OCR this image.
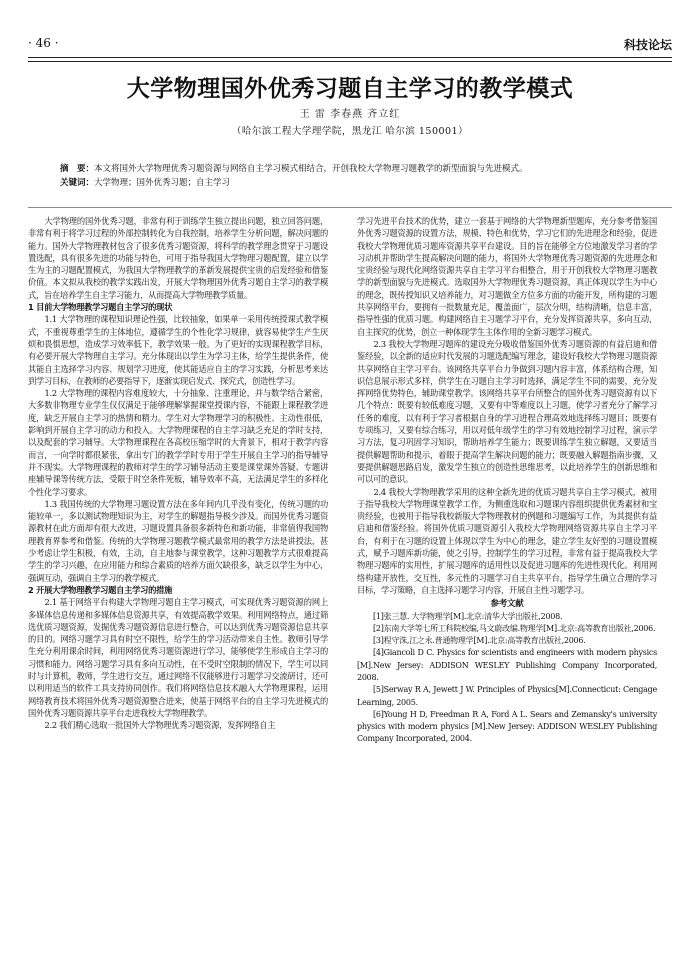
· 46 ·	科技论坛
大学物理国外优秀习题自主学习的教学模式
王 雷 李春燕 齐立红
（哈尔滨工程大学理学院，黑龙江 哈尔滨 150001）
摘　要：本文将国外大学物理优秀习题资源与网络自主学习模式相结合，开创我校大学物理习题教学的新型面貌与先进模式。
关键词：大学物理；国外优秀习题；自主学习

大学物理的国外优秀习题，非常有利于训练学生独立提出问题，独立回答问题，非常有利于将学习过程的外部控制转化为自我控制，培养学生分析问题，解决问题的能力。国外大学物理教材包含了很多优秀习题资源，将科学的教学理念贯穿于习题设置选配，具有很多先进的功能与特色，可用于指导我国大学物理习题配置，建立以学生为主的习题配置模式，为我国大学物理教学的革新发展提供宝贵的启发经验和借鉴价值。本文拟从我校的教学实践出发，开展大学物理国外优秀习题自主学习的教学模式，旨在培养学生自主学习能力，从而提高大学物理教学质量。

1 目前大学物理教学习题自主学习的现状

1.1 大学物理的课程知识理论性强，比较抽象，如果单一采用传统授课式教学模式，不重视尊重学生的主体地位，遵循学生的个性化学习规律，就容易使学生产生厌烦和畏惧思想，造成学习效率低下，教学效果一般。为了更好的实现课程教学目标，有必要开展大学物理自主学习。充分体现出以学生为学习主体，给学生提供条件，使其能自主选择学习内容、规划学习进度，使其能适应自主的学习实践，分析思考来达到学习目标，在教师的必要指导下，逐渐实现启发式、探究式，创造性学习。

1.2 大学物理的课程内容难度较大，十分抽象、注重理论，并与数学结合紧密，大多数非物理专业学生仅仅满足于能够理解掌握课堂授课内容，不能跟上课程教学进度，缺乏开展自主学习的热情和精力。学生对大学物理学习的积极性、主动性很低，影响到开展自主学习的动力和投入。大学物理课程的自主学习缺乏充足的学时支持，以及配套的学习辅导。大学物理课程在各高校压缩学时的大背景下，相对于教学内容而言，一向学时都很紧张，拿出专门的教学学时专用于学生开展自主学习的指导辅导并不现实。大学物理课程的教师对学生的学习辅导活动主要是课堂课外答疑、专题讲座辅导课等传统方法，受限于时空条件死板，辅导效率不高，无法满足学生的多样化个性化学习要求。

1.3 我国传统的大学物理习题设置方法在多年间内几乎没有变化，传统习题的功能较单一，多以测试物理知识为主，对学生的解题指导极少涉及。而国外优秀习题资源教材在此方面却有很大改进，习题设置具备很多新特色和新功能，非常值得我国物理教育界参考和借鉴。传统的大学物理习题教学模式最常用的教学方法是讲授法，甚少考虑让学生积极，有效，主动，自主地参与课堂教学，这种习题教学方式很难提高学生的学习兴趣，在应用能力和综合素质的培养方面欠缺很多，缺乏以学生为中心，强调互动，强调自主学习的教学模式。

2 开展大学物理教学习题自主学习的措施

2.1 基于网络平台构建大学物理习题自主学习模式，可实现优秀习题资源的网上多媒体信息传递和多媒体信息资源共享，有效提高教学效果。利用网络特点，通过筛选优质习题资源，发掘优秀习题资源信息进行整合，可以达到优秀习题资源信息共享的目的。网络习题学习具有时空不限性，给学生的学习活动带来自主性。教师引导学生充分利用课余时间，利用网络优秀习题资源进行学习，能够使学生形成自主学习的习惯和能力。网络习题学习具有多向互动性，在不受时空限制的情况下，学生可以同时与计算机，教师，学生进行交互，通过网络不仅能够进行习题学习交流研讨，还可以利用适当的软件工具支持协同创作。我们将网络信息技术融入大学物理课程，运用网络教育技术将国外优秀习题资源整合进来，使基于网络平台的自主学习先进模式的国外优秀习题资源共享平台走进我校大学物理教学。

2.2 我们精心选取一批国外大学物理优秀习题资源，发挥网络自主

学习先进平台技术的优势，建立一套基于网络的大学物理新型题库，充分参考借鉴国外优秀习题资源的设置方法，规模、特色和优势，学习它们的先进理念和经验，促进我校大学物理优质习题库资源共享平台建设。目的旨在能够全方位地激发学习者的学习动机并帮助学生提高解决问题的能力，将国外大学物理优秀习题资源的先进理念和宝贵经验与现代化网络资源共享自主学习平台相整合，用于开创我校大学物理习题教学的新型面貌与先进模式。选取国外大学物理优秀习题资源，真正体现以学生为中心的理念，既传授知识又培养能力，对习题做全方位多方面的功能开发，所构建的习题共享网络平台，要拥有一批数量充足，覆盖面广，层次分明，结构清晰，信息丰富，指导性强的优质习题。构建网络自主习题学习平台，充分发挥资源共享，多向互动，自主探究的优势，创立一种体现学生主体作用的全新习题学习模式。

2.3 我校大学物理习题库的建设充分吸收借鉴国外优秀习题资源的有益启迪和借鉴经验，以全新的适应时代发展的习题选配编写理念，建设好我校大学物理习题资源共享网络自主学习平台。该网络共享平台力争做到习题内容丰富，体系结构合理，知识信息展示形式多样，供学生在习题自主学习时选择，满足学生不同的需要，充分发挥网络优势特色，辅助课堂教学。该网络共享平台所整合的国外优秀习题资源有以下几个特点：既要有较低难度习题，又要有中等难度以上习题，使学习者充分了解学习任务的难度，以有利于学习者根据自身的学习进程合理高效地选择练习题目；既要有专项练习，又要有综合练习，用以对低年级学生的学习有效地控制学习过程，演示学习方法，复习巩固学习知识，帮助培养学生能力；既要训练学生独立解题，又要适当提供解题帮助和提示，着眼于提高学生解决问题的能力；既要融入解题指南步骤，又要提供解题思路启发，激发学生独立的创造性思维思考，以此培养学生的创新思维和可以可的意识。

2.4 我校大学物理教学采用的这种全新先进的优质习题共享自主学习模式，被用于指导我校大学物理课堂教学工作，为侧重选取和习题课内容组织提供优秀素材和宝贵经验，也被用于指导我校新版大学物理教材的例题和习题编写工作，为其提供有益启迪和借鉴经验。将国外优质习题资源引入我校大学物理网络资源共享自主学习平台，有利于在习题的设置上体现以学生为中心的理念，建立学生友好型的习题设置模式，赋予习题库新功能，使之引导，控制学生的学习过程，非常有益于提高我校大学物理习题库的实用性，扩展习题库的适用性以及促进习题库的先进性现代化。利用网络构建开放性，交互性，多元性的习题学习自主共享平台，指导学生确立合理的学习目标，学习策略，自主选择习题学习内容，开展自主性习题学习。

参考文献

[1]张三慧. 大学物理学[M].北京:清华大学出版社,2008.

[2]东南大学等七所工科院校编,马文蔚改编.物理学[M].北京:高等教育出版社,2006.

[3]程守洙,江之永.普通物理学[M].北京:高等教育出版社,2006.

[4]Giancoli D C. Physics for scientists and engineers with modern physics [M].New Jersey: ADDISON WESLEY Publishing Company Incorporated, 2008.

[5]Serway R A, Jewett J W. Principles of Physics[M].Connecticut: Cengage Learning, 2005.

[6]Young H D, Freedman R A, Ford A L. Sears and Zemansky's university physics with modern physics [M].New Jersey: ADDISON WESLEY Publishing Company Incorporated, 2004.
